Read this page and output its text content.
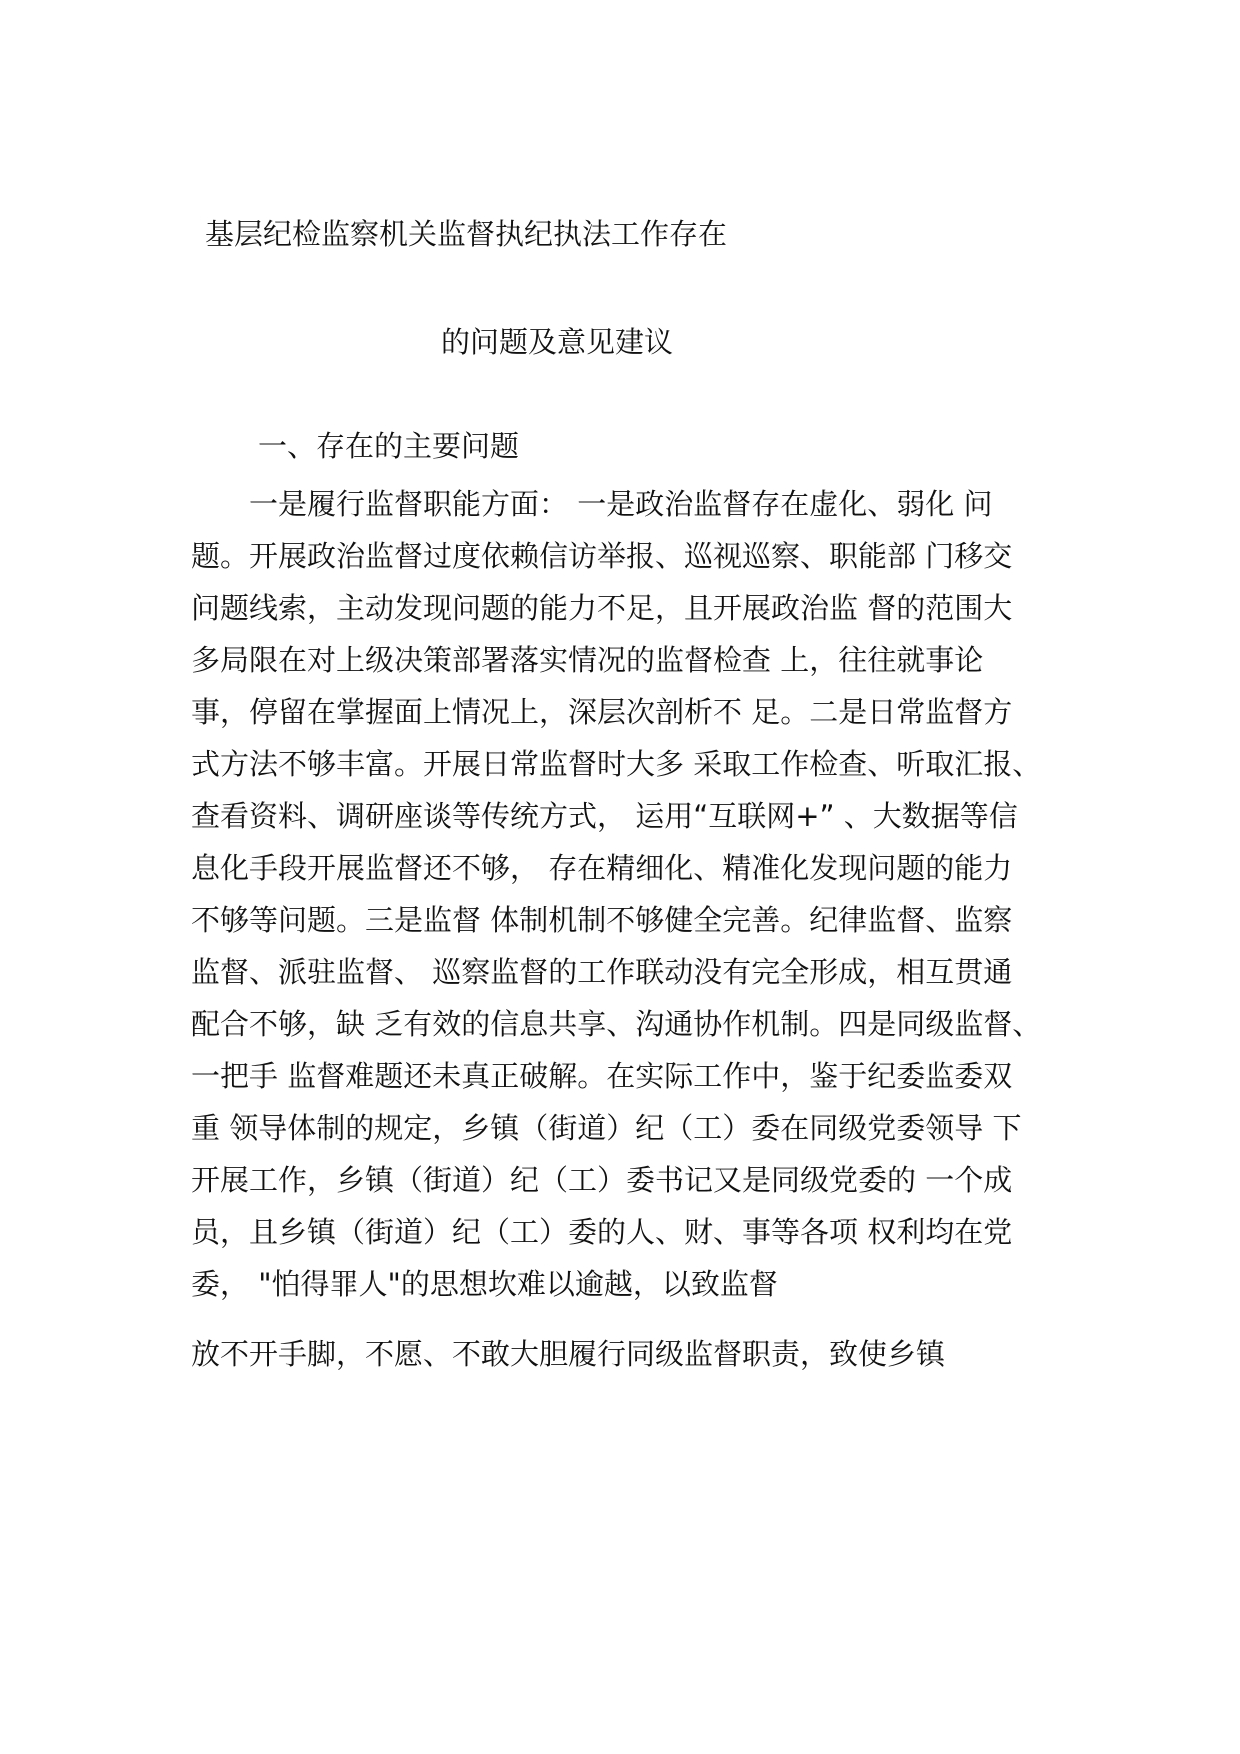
基层纪检监察机关监督执纪执法工作存在
的问题及意见建议
一、存在的主要问题
　　一是履行监督职能方面： 一是政治监督存在虚化、弱化 问
题。开展政治监督过度依赖信访举报、巡视巡察、职能部 门移交
问题线索，主动发现问题的能力不足，且开展政治监 督的范围大
多局限在对上级决策部署落实情况的监督检查 上，往往就事论
事，停留在掌握面上情况上，深层次剖析不 足。二是日常监督方
式方法不够丰富。开展日常监督时大多 采取工作检查、听取汇报、
查看资料、调研座谈等传统方式， 运用“互联网+” 、大数据等信
息化手段开展监督还不够， 存在精细化、精准化发现问题的能力
不够等问题。三是监督 体制机制不够健全完善。纪律监督、监察
监督、派驻监督、 巡察监督的工作联动没有完全形成，相互贯通
配合不够，缺 乏有效的信息共享、沟通协作机制。四是同级监督、
一把手 监督难题还未真正破解。在实际工作中，鉴于纪委监委双
重 领导体制的规定，乡镇（街道）纪（工）委在同级党委领导 下
开展工作，乡镇（街道）纪（工）委书记又是同级党委的 一个成
员，且乡镇（街道）纪（工）委的人、财、事等各项 权利均在党
委， "怕得罪人"的思想坎难以逾越，以致监督
放不开手脚，不愿、不敢大胆履行同级监督职责，致使乡镇
